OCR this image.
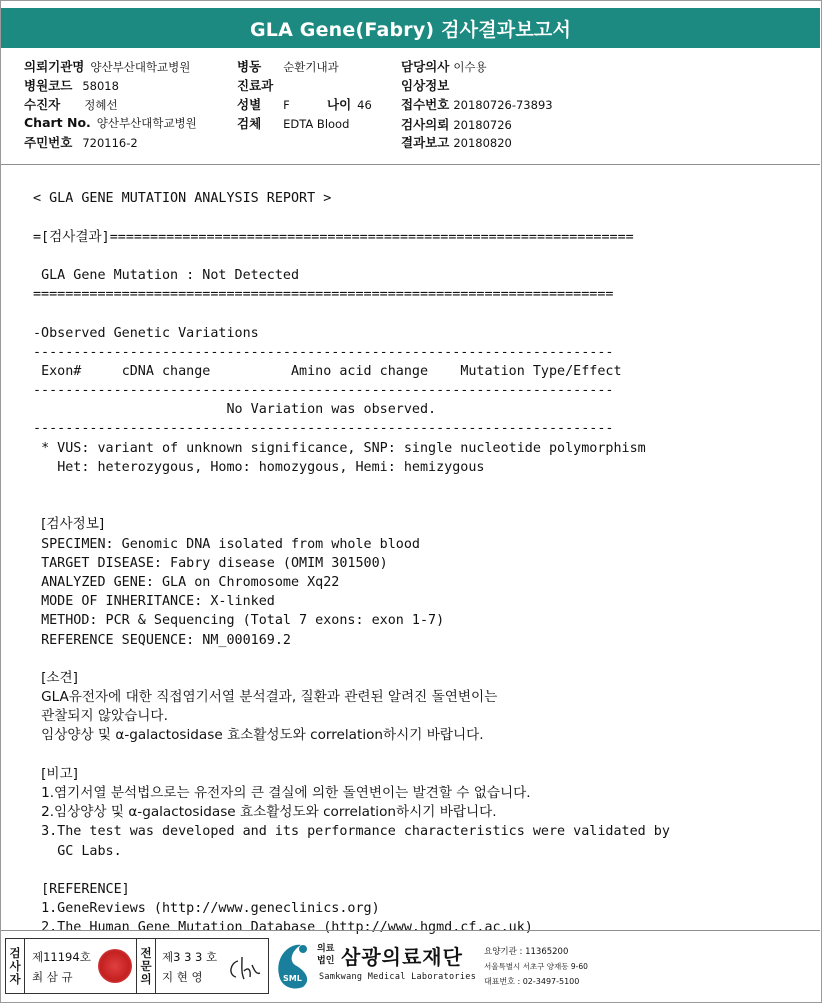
GLA Gene(Fabry) 검사결과보고서
의뢰기관명 양산부산대학교병원
병원코드 58018
수진자 정혜선
Chart No. 양산부산대학교병원
주민번호 720116-2
병동 순환기내과
진료과
성별 F	나이 46
검체 EDTA Blood
담당의사 이수용
임상정보
접수번호 20180726-73893
검사의뢰 20180726
결과보고 20180820

< GLA GENE MUTATION ANALYSIS REPORT >
=[검사결과]=================================================================
GLA Gene Mutation : Not Detected
========================================================================
-Observed Genetic Variations
------------------------------------------------------------------------
Exon#	cDNA change	Amino acid change Mutation Type/Effect
------------------------------------------------------------------------
No Variation was observed.
------------------------------------------------------------------------
* VUS: variant of unknown significance, SNP: single nucleotide polymorphism
Het: heterozygous, Homo: homozygous, Hemi: hemizygous
[검사정보]
SPECIMEN: Genomic DNA isolated from whole blood
TARGET DISEASE: Fabry disease (OMIM 301500)
ANALYZED GENE: GLA on Chromosome Xq22
MODE OF INHERITANCE: X-linked
METHOD: PCR & Sequencing (Total 7 exons: exon 1-7)
REFERENCE SEQUENCE: NM_000169.2
[소견]
GLA유전자에 대한 직접염기서열 분석결과, 질환과 관련된 알려진 돌연변이는
관찰되지 않았습니다.
임상양상 및 α-galactosidase 효소활성도와 correlation하시기 바랍니다.
[비고]
1.염기서열 분석법으로는 유전자의 큰 결실에 의한 돌연변이는 발견할 수 없습니다.
2.임상양상 및 α-galactosidase 효소활성도와 correlation하시기 바랍니다.
3.The test was developed and its performance characteristics were validated by
GC Labs.
[REFERENCE]
1.GeneReviews (http://www.geneclinics.org)
2.The Human Gene Mutation Database (http://www.hgmd.cf.ac.uk)

검
사
자
제11194호
최 삼 규
전
문
의
제3 3 3 호
지 현 영	SML
의료
법인 삼광의료재단
Samkwang Medical Laboratories
요양기관 : 11365200
서울특별시 서초구 양재동 9-60
대표번호 : 02-3497-5100
